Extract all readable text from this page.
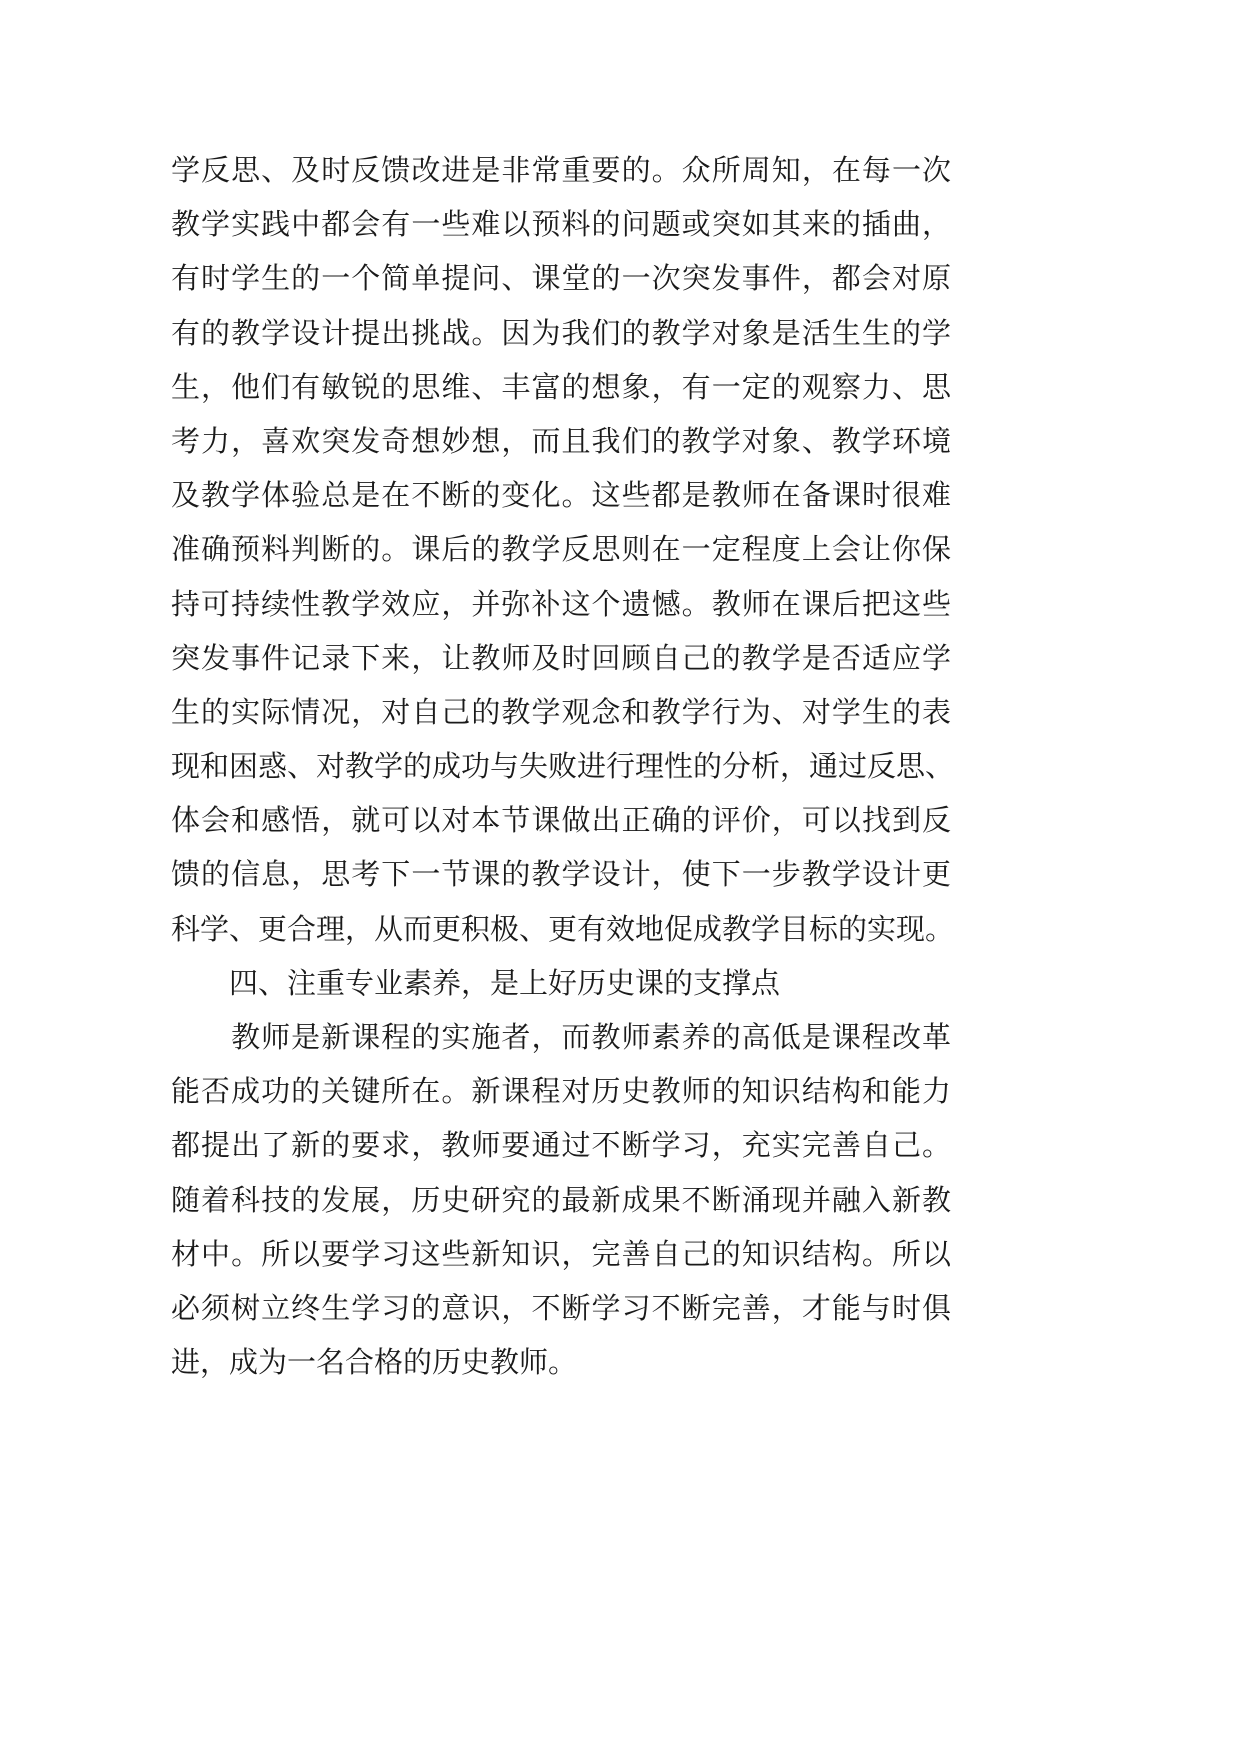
学反思、及时反馈改进是非常重要的。众所周知，在每一次
教学实践中都会有一些难以预料的问题或突如其来的插曲，
有时学生的一个简单提问、课堂的一次突发事件，都会对原
有的教学设计提出挑战。因为我们的教学对象是活生生的学
生，他们有敏锐的思维、丰富的想象，有一定的观察力、思
考力，喜欢突发奇想妙想，而且我们的教学对象、教学环境
及教学体验总是在不断的变化。这些都是教师在备课时很难
准确预料判断的。课后的教学反思则在一定程度上会让你保
持可持续性教学效应，并弥补这个遗憾。教师在课后把这些
突发事件记录下来，让教师及时回顾自己的教学是否适应学
生的实际情况，对自己的教学观念和教学行为、对学生的表
现和困惑、对教学的成功与失败进行理性的分析，通过反思、
体会和感悟，就可以对本节课做出正确的评价，可以找到反
馈的信息，思考下一节课的教学设计，使下一步教学设计更
科学、更合理，从而更积极、更有效地促成教学目标的实现。
　　四、注重专业素养，是上好历史课的支撑点
　　教师是新课程的实施者，而教师素养的高低是课程改革
能否成功的关键所在。新课程对历史教师的知识结构和能力
都提出了新的要求，教师要通过不断学习，充实完善自己。
随着科技的发展，历史研究的最新成果不断涌现并融入新教
材中。所以要学习这些新知识，完善自己的知识结构。所以
必须树立终生学习的意识，不断学习不断完善，才能与时俱
进，成为一名合格的历史教师。
